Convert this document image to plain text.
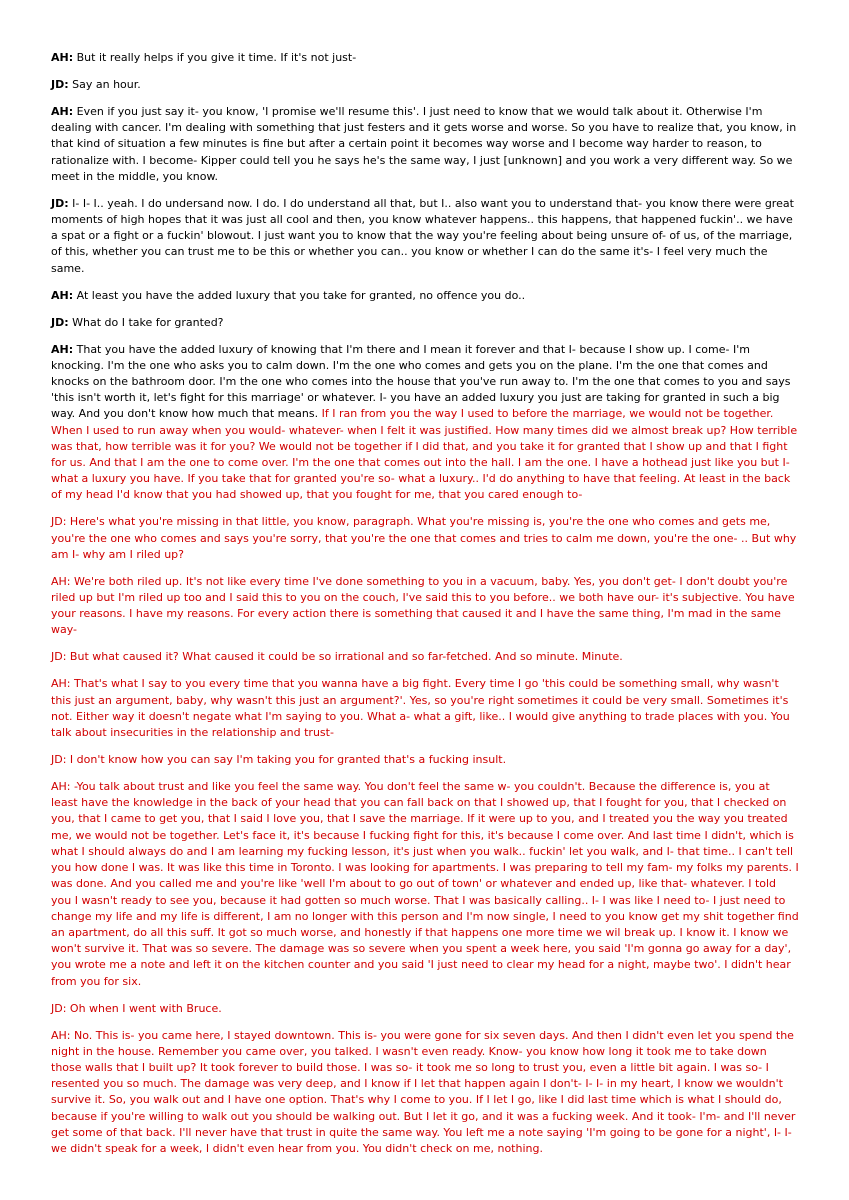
AH: But it really helps if you give it time. If it's not just-

JD: Say an hour.

AH: Even if you just say it- you know, 'I promise we'll resume this'. I just need to know that we would talk about it. Otherwise I'm dealing with cancer. I'm dealing with something that just festers and it gets worse and worse. So you have to realize that, you know, in that kind of situation a few minutes is fine but after a certain point it becomes way worse and I become way harder to reason, to rationalize with. I become- Kipper could tell you he says he's the same way, I just [unknown] and you work a very different way. So we meet in the middle, you know.

JD: I- I- I.. yeah. I do undersand now. I do. I do understand all that, but I.. also want you to understand that- you know there were great moments of high hopes that it was just all cool and then, you know whatever happens.. this happens, that happened fuckin'.. we have a spat or a fight or a fuckin' blowout. I just want you to know that the way you're feeling about being unsure of- of us, of the marriage, of this, whether you can trust me to be this or whether you can.. you know or whether I can do the same it's- I feel very much the same.

AH: At least you have the added luxury that you take for granted, no offence you do..

JD: What do I take for granted?

AH: That you have the added luxury of knowing that I'm there and I mean it forever and that I- because I show up. I come- I'm knocking. I'm the one who asks you to calm down. I'm the one who comes and gets you on the plane. I'm the one that comes and knocks on the bathroom door. I'm the one who comes into the house that you've run away to. I'm the one that comes to you and says 'this isn't worth it, let's fight for this marriage' or whatever. I- you have an added luxury you just are taking for granted in such a big way. And you don't know how much that means. If I ran from you the way I used to before the marriage, we would not be together. When I used to run away when you would- whatever- when I felt it was justified. How many times did we almost break up? How terrible was that, how terrible was it for you? We would not be together if I did that, and you take it for granted that I show up and that I fight for us. And that I am the one to come over. I'm the one that comes out into the hall. I am the one. I have a hothead just like you but I- what a luxury you have. If you take that for granted you're so- what a luxury.. I'd do anything to have that feeling. At least in the back of my head I'd know that you had showed up, that you fought for me, that you cared enough to-

JD: Here's what you're missing in that little, you know, paragraph. What you're missing is, you're the one who comes and gets me, you're the one who comes and says you're sorry, that you're the one that comes and tries to calm me down, you're the one- .. But why am I- why am I riled up?

AH: We're both riled up. It's not like every time I've done something to you in a vacuum, baby. Yes, you don't get- I don't doubt you're riled up but I'm riled up too and I said this to you on the couch, I've said this to you before.. we both have our- it's subjective. You have your reasons. I have my reasons. For every action there is something that caused it and I have the same thing, I'm mad in the same way-

JD: But what caused it? What caused it could be so irrational and so far-fetched. And so minute. Minute.

AH: That's what I say to you every time that you wanna have a big fight. Every time I go 'this could be something small, why wasn't this just an argument, baby, why wasn't this just an argument?'. Yes, so you're right sometimes it could be very small. Sometimes it's not. Either way it doesn't negate what I'm saying to you. What a- what a gift, like.. I would give anything to trade places with you. You talk about insecurities in the relationship and trust-

JD: I don't know how you can say I'm taking you for granted that's a fucking insult.

AH: -You talk about trust and like you feel the same way. You don't feel the same w- you couldn't. Because the difference is, you at least have the knowledge in the back of your head that you can fall back on that I showed up, that I fought for you, that I checked on you, that I came to get you, that I said I love you, that I save the marriage. If it were up to you, and I treated you the way you treated me, we would not be together. Let's face it, it's because I fucking fight for this, it's because I come over. And last time I didn't, which is what I should always do and I am learning my fucking lesson, it's just when you walk.. fuckin' let you walk, and I- that time.. I can't tell you how done I was. It was like this time in Toronto. I was looking for apartments. I was preparing to tell my fam- my folks my parents. I was done. And you called me and you're like 'well I'm about to go out of town' or whatever and ended up, like that- whatever. I told you I wasn't ready to see you, because it had gotten so much worse. That I was basically calling.. I- I was like I need to- I just need to change my life and my life is different, I am no longer with this person and I'm now single, I need to you know get my shit together find an apartment, do all this suff. It got so much worse, and honestly if that happens one more time we wil break up. I know it. I know we won't survive it. That was so severe. The damage was so severe when you spent a week here, you said 'I'm gonna go away for a day', you wrote me a note and left it on the kitchen counter and you said 'I just need to clear my head for a night, maybe two'. I didn't hear from you for six.

JD: Oh when I went with Bruce.

AH: No. This is- you came here, I stayed downtown. This is- you were gone for six seven days. And then I didn't even let you spend the night in the house. Remember you came over, you talked. I wasn't even ready. Know- you know how long it took me to take down those walls that I built up? It took forever to build those. I was so- it took me so long to trust you, even a little bit again. I was so- I resented you so much. The damage was very deep, and I know if I let that happen again I don't- I- I- in my heart, I know we wouldn't survive it. So, you walk out and I have one option. That's why I come to you. If I let I go, like I did last time which is what I should do, because if you're willing to walk out you should be walking out. But I let it go, and it was a fucking week. And it took- I'm- and I'll never get some of that back. I'll never have that trust in quite the same way. You left me a note saying 'I'm going to be gone for a night', I- I- we didn't speak for a week, I didn't even hear from you. You didn't check on me, nothing.
